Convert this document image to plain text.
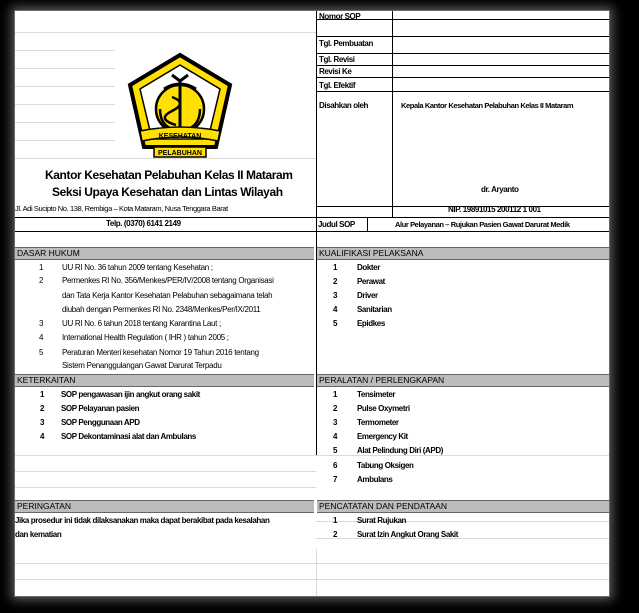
Nomor SOP
Tgl. Pembuatan
Tgl. Revisi
Revisi Ke
Tgl. Efektif
Disahkan oleh	Kepala Kantor Kesehatan Pelabuhan Kelas II Mataram
dr. Aryanto
NIP. 19891015 200112 1 001
KESEHATAN
PELABUHAN
Kantor Kesehatan Pelabuhan Kelas II Mataram
Seksi Upaya Kesehatan dan Lintas Wilayah
Jl. Adi Sucipto No. 138, Rembiga – Kota Mataram, Nusa Tenggara Barat
Telp. (0370) 6141 2149	Judul SOP	Alur Pelayanan – Rujukan Pasien Gawat Darurat Medik
DASAR HUKUM
1 UU RI No. 36 tahun 2009 tentang Kesehatan ;
2 Permenkes RI No. 356/Menkes/PER/IV/2008 tentang Organisasi
dan Tata Kerja Kantor Kesehatan Pelabuhan sebagaimana telah
diubah dengan Permenkes RI No. 2348/Menkes/Per/IX/2011
3 UU RI No. 6 tahun 2018 tentang Karantina Laut ;
4 International Health Regulation ( IHR ) tahun 2005 ;
5 Peraturan Menteri kesehatan Nomor 19 Tahun 2016 tentang
Sistem Penanggulangan Gawat Darurat Terpadu
KUALIFIKASI PELAKSANA
1 Dokter
2 Perawat
3 Driver
4 Sanitarian
5 Epidkes
KETERKAITAN
1 SOP pengawasan ijin angkut orang sakit
2 SOP Pelayanan pasien
3 SOP Penggunaan APD
4 SOP Dekontaminasi alat dan Ambulans
PERALATAN / PERLENGKAPAN
1 Tensimeter
2 Pulse Oxymetri
3 Termometer
4 Emergency Kit
5 Alat Pelindung Diri (APD)
6 Tabung Oksigen
7 Ambulans
PERINGATAN
Jika prosedur ini tidak dilaksanakan maka dapat berakibat pada kesalahan
dan kematian
PENCATATAN DAN PENDATAAN
1 Surat Rujukan
2 Surat Izin Angkut Orang Sakit
